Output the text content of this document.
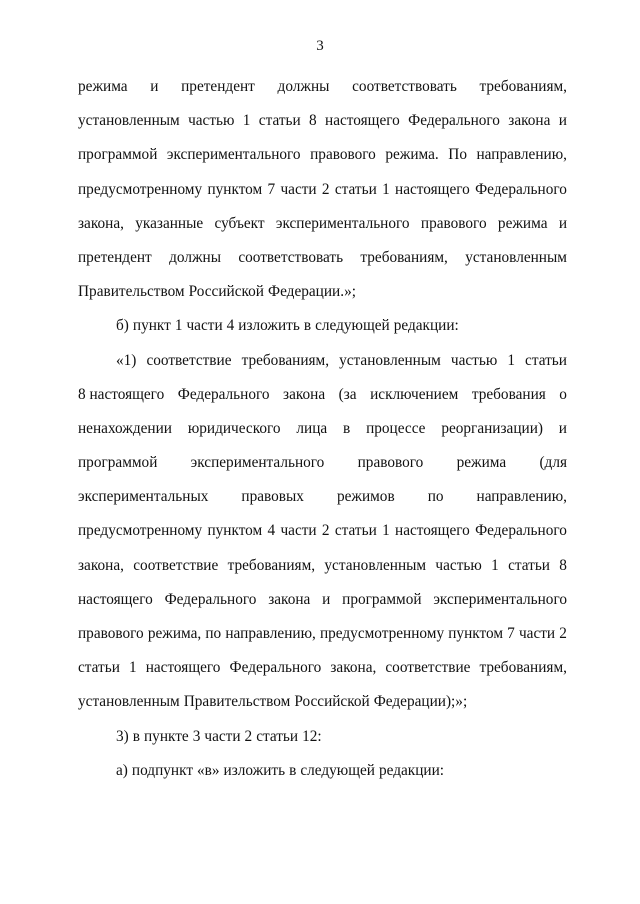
3
режима и претендент должны соответствовать требованиям,
установленным частью 1 статьи 8 настоящего Федерального закона и
программой экспериментального правового режима. По направлению,
предусмотренному пунктом 7 части 2 статьи 1 настоящего Федерального
закона, указанные субъект экспериментального правового режима и
претендент должны соответствовать требованиям, установленным
Правительством Российской Федерации.»;
б) пункт 1 части 4 изложить в следующей редакции:
«1) соответствие требованиям, установленным частью 1 статьи
8 настоящего Федерального закона (за исключением требования о
ненахождении юридического лица в процессе реорганизации) и
программой экспериментального правового режима (для
экспериментальных правовых режимов по направлению,
предусмотренному пунктом 4 части 2 статьи 1 настоящего Федерального
закона, соответствие требованиям, установленным частью 1 статьи 8
настоящего Федерального закона и программой экспериментального
правового режима, по направлению, предусмотренному пунктом 7 части 2
статьи 1 настоящего Федерального закона, соответствие требованиям,
установленным Правительством Российской Федерации);»;
3) в пункте 3 части 2 статьи 12:
а) подпункт «в» изложить в следующей редакции:
